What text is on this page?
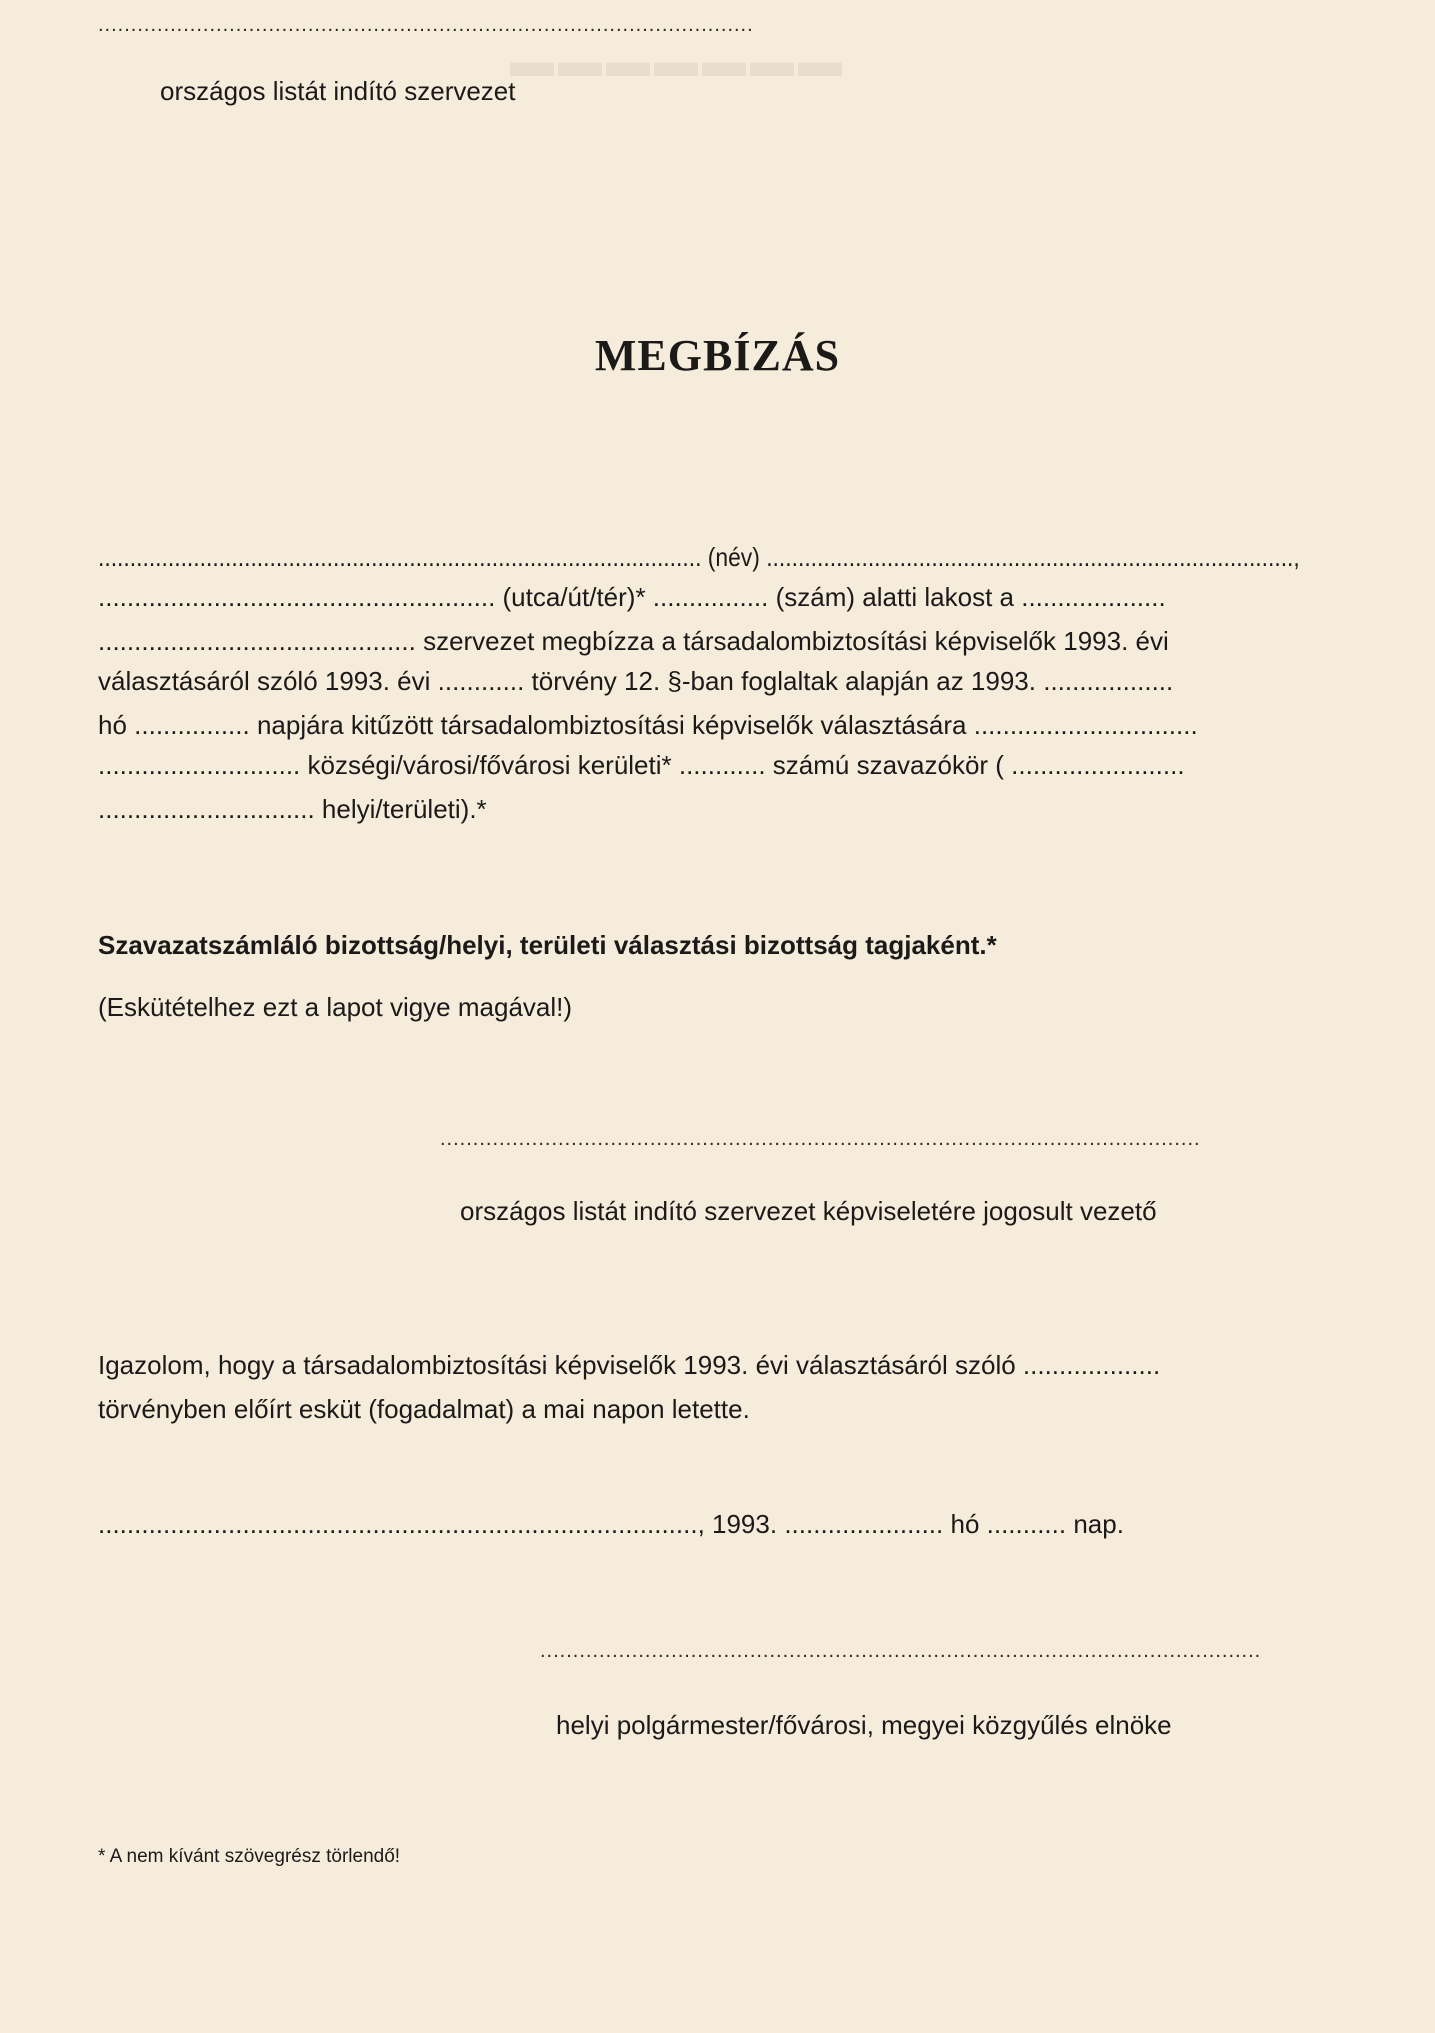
▬▬▬▬▬▬▬
....................................................................................................
országos listát indító szervezet
MEGBÍZÁS
............................................................................................... (név) ...................................................................................,
....................................................... (utca/út/tér)* ................ (szám) alatti lakost a ....................
............................................ szervezet megbízza a társadalombiztosítási képviselők 1993. évi
választásáról szóló 1993. évi ............ törvény 12. §-ban foglaltak alapján az 1993. ..................
hó ................ napjára kitűzött társadalombiztosítási képviselők választására ...............................
............................ községi/városi/fővárosi kerületi* ............ számú szavazókör ( ........................
.............................. helyi/területi).*
Szavazatszámláló bizottság/helyi, területi választási bizottság tagjaként.*
(Eskütételhez ezt a lapot vigye magával!)
....................................................................................................................
országos listát indító szervezet képviseletére jogosult vezető
Igazolom, hogy a társadalombiztosítási képviselők 1993. évi választásáról szóló ...................
törvényben előírt esküt (fogadalmat) a mai napon letette.
..................................................................................., 1993. ...................... hó ........... nap.
..............................................................................................................
helyi polgármester/fővárosi, megyei közgyűlés elnöke
* A nem kívánt szövegrész törlendő!
